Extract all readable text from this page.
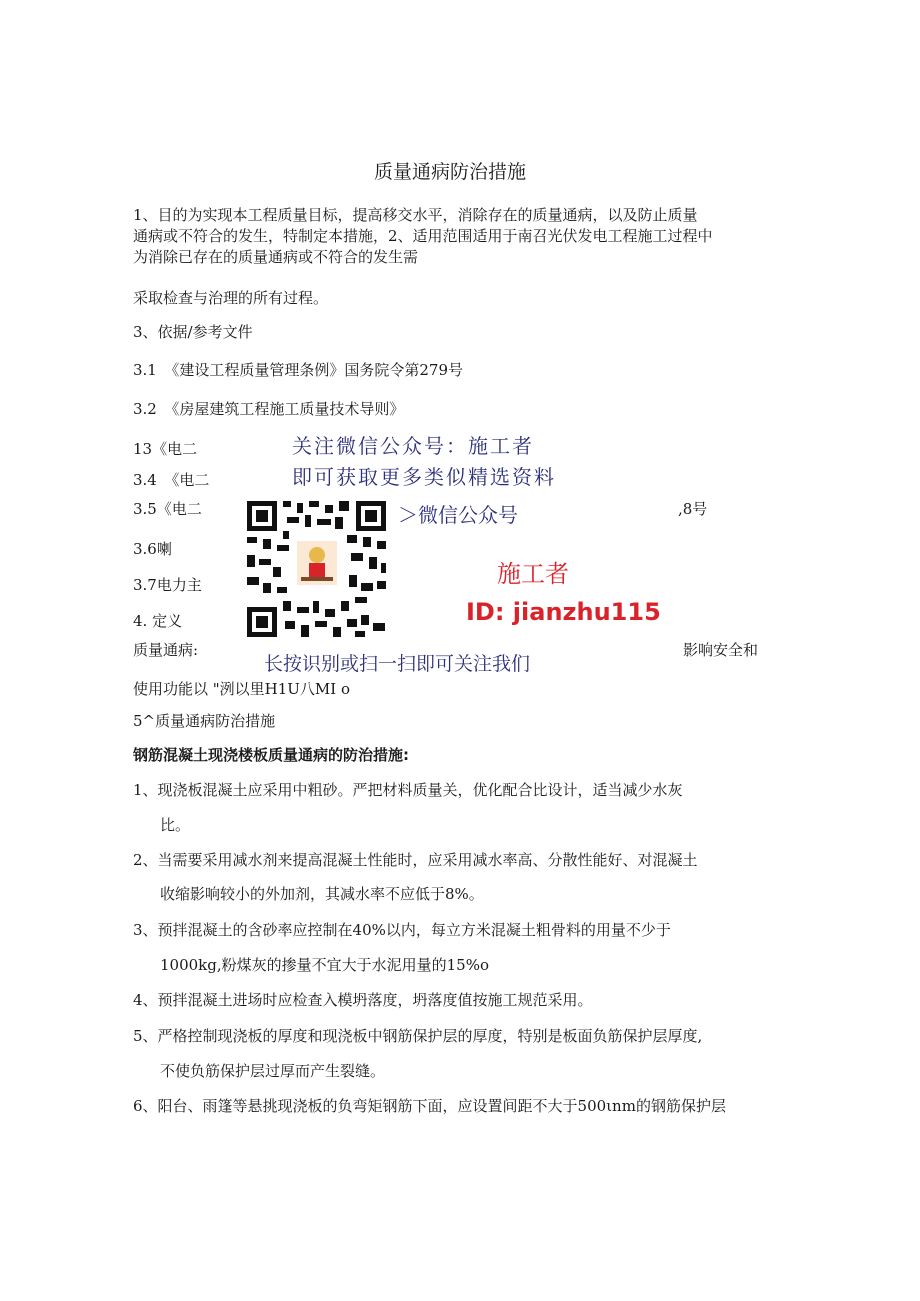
质量通病防治措施
1、目的为实现本工程质量目标，提高移交水平，消除存在的质量通病，以及防止质量
通病或不符合的发生，特制定本措施，2、适用范围适用于南召光伏发电工程施工过程中
为消除已存在的质量通病或不符合的发生需
采取检查与治理的所有过程。
3、依据/参考文件
3.1　《建设工程质量管理条例》国务院令第279号
3.2　《房屋建筑工程施工质量技术导则》
13《电二
3.4　《电二
3.5《电二	,8号
3.6喇
3.7电力主
4. 定义
质量通病:	影响安全和
使用功能以 "洌以里H1U八MI o
5^质量通病防治措施
钢筋混凝土现浇楼板质量通病的防治措施:
1、现浇板混凝土应采用中粗砂。严把材料质量关，优化配合比设计，适当减少水灰
比。
2、当需要采用减水剂来提高混凝土性能时，应采用减水率高、分散性能好、对混凝土
收缩影响较小的外加剂，其减水率不应低于8%。
3、预拌混凝土的含砂率应控制在40%以内，每立方米混凝土粗骨料的用量不少于
1000kg,粉煤灰的掺量不宜大于水泥用量的15%o
4、预拌混凝土进场时应检查入模坍落度，坍落度值按施工规范采用。
5、严格控制现浇板的厚度和现浇板中钢筋保护层的厚度，特别是板面负筋保护层厚度,
不使负筋保护层过厚而产生裂缝。
6、阳台、雨篷等悬挑现浇板的负弯矩钢筋下面，应设置间距不大于500ιnm的钢筋保护层
关注微信公众号：施工者
即可获取更多类似精选资料
＞微信公众号
施工者
ID: jianzhu115
长按识别或扫一扫即可关注我们
